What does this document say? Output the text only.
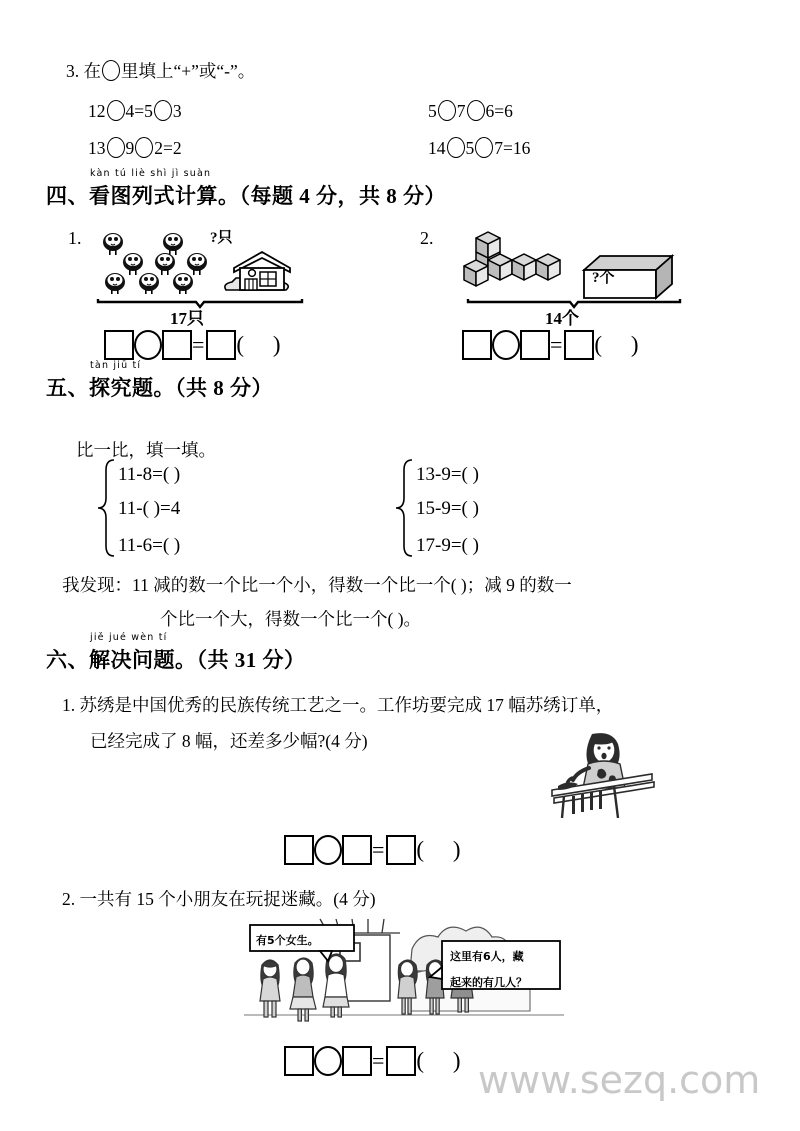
3. 在 里填上“+”或“-”。
12 4=5 3	5 7 6=6
13 9 2=2	14 5 7=16
kàn tú liè shì jì suàn
四、看图列式计算。（每题 4 分，共 8 分）
1.	?只
17只
2.
?个
14个
= (     )	= (     )
tàn jiū tí
五、探究题。（共 8 分）
比一比，填一填。
11-8=( )
11-( )=4
11-6=( )
13-9=( )
15-9=( )
17-9=( )
我发现：11 减的数一个比一个小，得数一个比一个( )；减 9 的数一
个比一个大，得数一个比一个( )。
jiě jué wèn tí
六、解决问题。（共 31 分）
1. 苏绣是中国优秀的民族传统工艺之一。工作坊要完成 17 幅苏绣订单，
已经完成了 8 幅，还差多少幅?(4 分)
= (     )
2. 一共有 15 个小朋友在玩捉迷藏。(4 分)
有5个女生。
这里有6人，藏
起来的有几人？
= (     ) www.sezq.com
